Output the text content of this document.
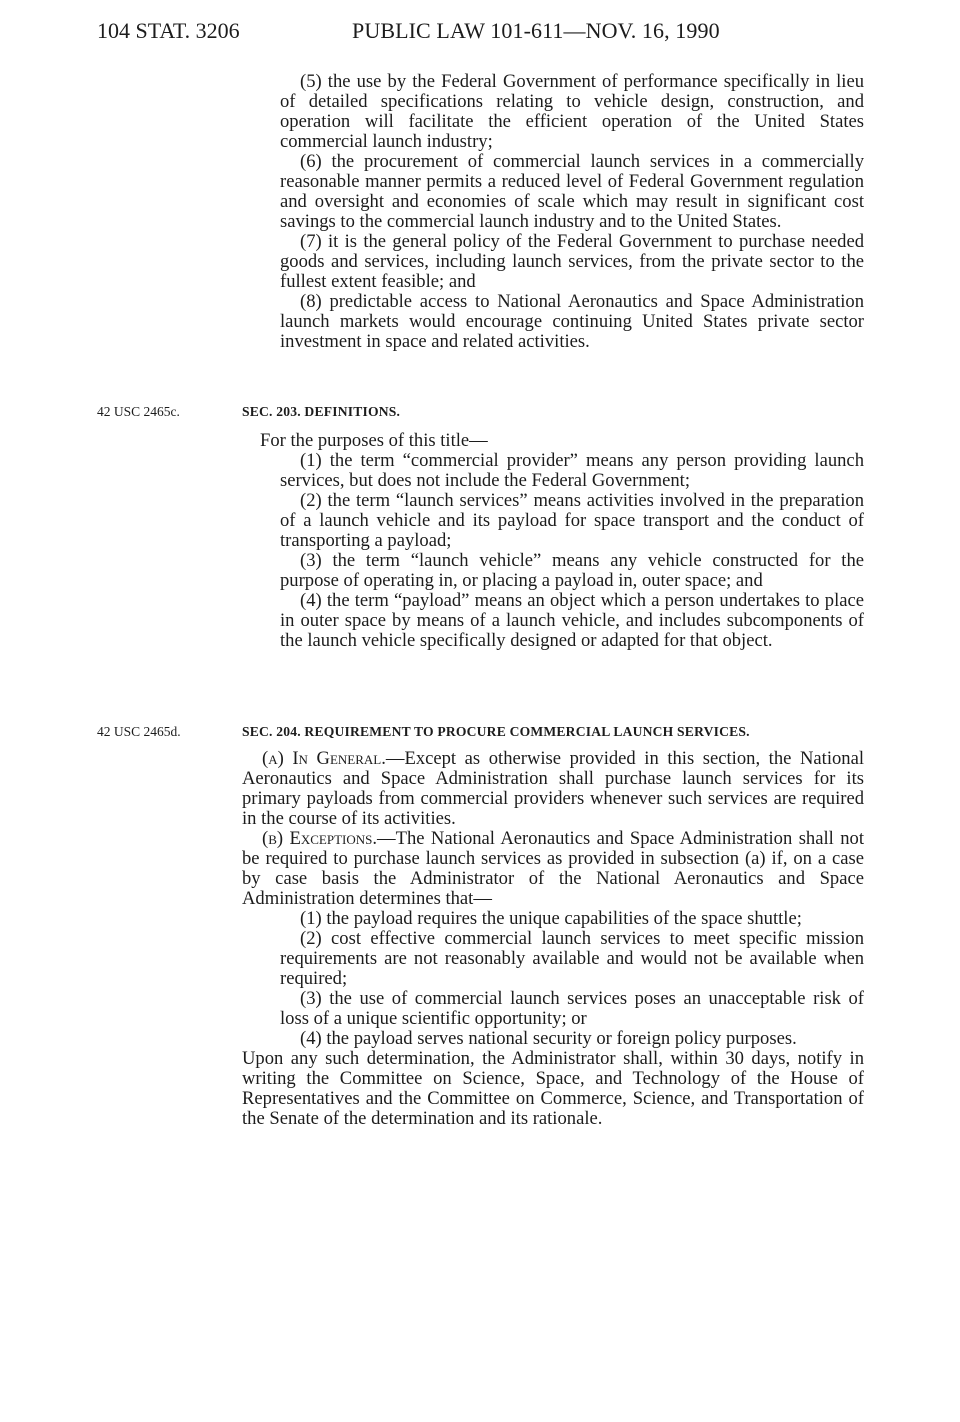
104 STAT. 3206	PUBLIC LAW 101-611—NOV. 16, 1990

(5) the use by the Federal Government of performance specifically in lieu of detailed specifications relating to vehicle design, construction, and operation will facilitate the efficient operation of the United States commercial launch industry;

(6) the procurement of commercial launch services in a commercially reasonable manner permits a reduced level of Federal Government regulation and oversight and economies of scale which may result in significant cost savings to the commercial launch industry and to the United States.

(7) it is the general policy of the Federal Government to purchase needed goods and services, including launch services, from the private sector to the fullest extent feasible; and

(8) predictable access to National Aeronautics and Space Administration launch markets would encourage continuing United States private sector investment in space and related activities.

42 USC 2465c.	SEC. 203. DEFINITIONS.

For the purposes of this title—

(1) the term “commercial provider” means any person providing launch services, but does not include the Federal Government;

(2) the term “launch services” means activities involved in the preparation of a launch vehicle and its payload for space transport and the conduct of transporting a payload;

(3) the term “launch vehicle” means any vehicle constructed for the purpose of operating in, or placing a payload in, outer space; and

(4) the term “payload” means an object which a person undertakes to place in outer space by means of a launch vehicle, and includes subcomponents of the launch vehicle specifically designed or adapted for that object.

42 USC 2465d.	SEC. 204. REQUIREMENT TO PROCURE COMMERCIAL LAUNCH SERVICES.

(a) In General.—Except as otherwise provided in this section, the National Aeronautics and Space Administration shall purchase launch services for its primary payloads from commercial providers whenever such services are required in the course of its activities.

(b) Exceptions.—The National Aeronautics and Space Administration shall not be required to purchase launch services as provided in subsection (a) if, on a case by case basis the Administrator of the National Aeronautics and Space Administration determines that—

(1) the payload requires the unique capabilities of the space shuttle;

(2) cost effective commercial launch services to meet specific mission requirements are not reasonably available and would not be available when required;

(3) the use of commercial launch services poses an unacceptable risk of loss of a unique scientific opportunity; or

(4) the payload serves national security or foreign policy purposes.

Upon any such determination, the Administrator shall, within 30 days, notify in writing the Committee on Science, Space, and Technology of the House of Representatives and the Committee on Commerce, Science, and Transportation of the Senate of the determination and its rationale.
